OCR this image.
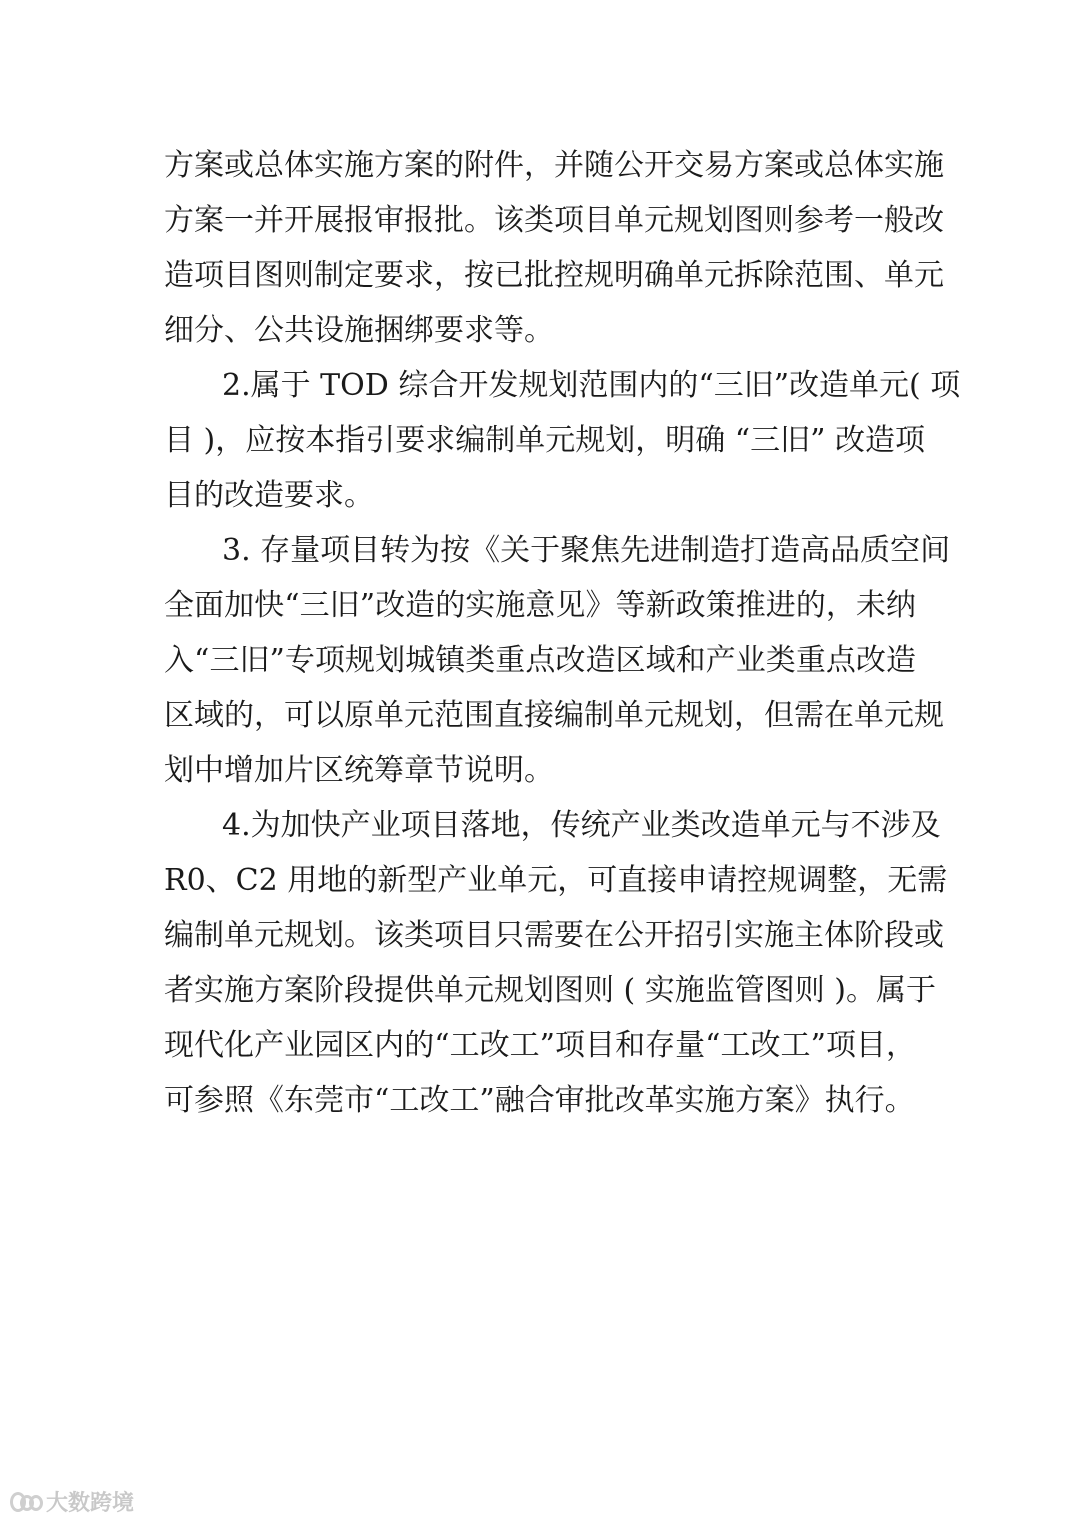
方案或总体实施方案的附件，并随公开交易方案或总体实施
方案一并开展报审报批。该类项目单元规划图则参考一般改
造项目图则制定要求，按已批控规明确单元拆除范围、单元
细分、公共设施捆绑要求等。
2.属于 TOD 综合开发规划范围内的“三旧”改造单元( 项
目 )，应按本指引要求编制单元规划，明确 “三旧” 改造项
目的改造要求。
3. 存量项目转为按《关于聚焦先进制造打造高品质空间
全面加快“三旧”改造的实施意见》等新政策推进的，未纳
入“三旧”专项规划城镇类重点改造区域和产业类重点改造
区域的，可以原单元范围直接编制单元规划，但需在单元规
划中增加片区统筹章节说明。
4.为加快产业项目落地，传统产业类改造单元与不涉及
R0、C2 用地的新型产业单元，可直接申请控规调整，无需
编制单元规划。该类项目只需要在公开招引实施主体阶段或
者实施方案阶段提供单元规划图则 ( 实施监管图则 )。属于
现代化产业园区内的“工改工”项目和存量“工改工”项目，
可参照《东莞市“工改工”融合审批改革实施方案》执行。
大数跨境
